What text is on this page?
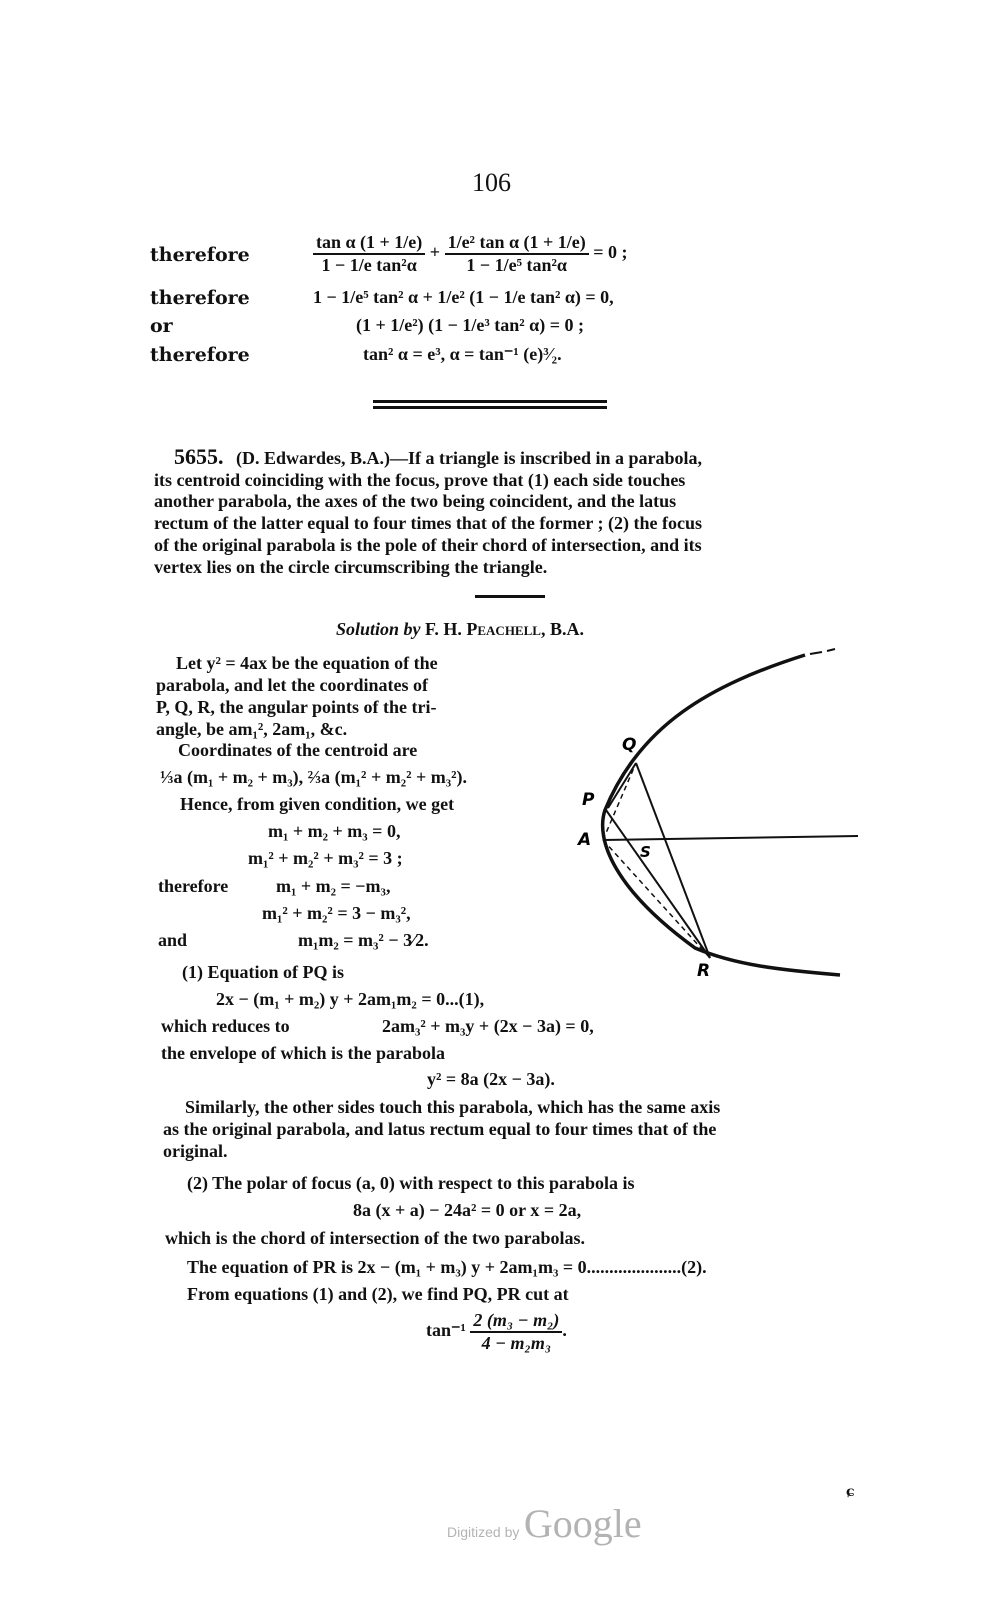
106
therefore	$\frac{\text{tan α (1 + 1/e)}}{\text{1 − 1/e tan²α}} + \frac{\text{1/e² tan α (1 + 1/e)}}{\text{1 − 1/e⁵ tan²α}} = 0$ ;
therefore	1 − 1/e⁵ tan² α + 1/e² (1 − 1/e tan² α) = 0,
or	(1 + 1/e²) (1 − 1/e³ tan² α) = 0 ;
therefore	tan² α = e³, α = tan⁻¹ (e)³⁄₂.
5655. (D. Edwardes, B.A.)—If a triangle is inscribed in a parabola,
its centroid coinciding with the focus, prove that (1) each side touches
another parabola, the axes of the two being coincident, and the latus
rectum of the latter equal to four times that of the former ; (2) the focus
of the original parabola is the pole of their chord of intersection, and its
vertex lies on the circle circumscribing the triangle.
Solution by F. H. Peachell, B.A.
Let y² = 4ax be the equation of the
parabola, and let the coordinates of
P, Q, R, the angular points of the tri-
angle, be am₁², 2am₁, &c.
Coordinates of the centroid are
⅓a (m₁ + m₂ + m₃), ⅔a (m₁² + m₂² + m₃²).
Hence, from given condition, we get
m₁ + m₂ + m₃ = 0,
m₁² + m₂² + m₃² = 3 ;
therefore	m₁ + m₂ = −m₃,
m₁² + m₂² = 3 − m₃²,
and	m₁m₂ = m₃² − 3⁄2.
(1) Equation of PQ is
2x − (m₁ + m₂) y + 2am₁m₂ = 0...(1),
which reduces to	2am₃² + m₃y + (2x − 3a) = 0,
the envelope of which is the parabola
y² = 8a (2x − 3a).
Q
P
A
S
R
Similarly, the other sides touch this parabola, which has the same axis
as the original parabola, and latus rectum equal to four times that of the
original.
(2) The polar of focus (a, 0) with respect to this parabola is
8a (x + a) − 24a² = 0 or x = 2a,
which is the chord of intersection of the two parabolas.
The equation of PR is 2x − (m₁ + m₃) y + 2am₁m₃ = 0.....................(2).
From equations (1) and (2), we find PQ, PR cut at
$\tan^{-1} \frac{\text{2 (m₃ − m₂)}}{\text{4 − m₂m₃}}$ .
ɕ
Digitized by Google
